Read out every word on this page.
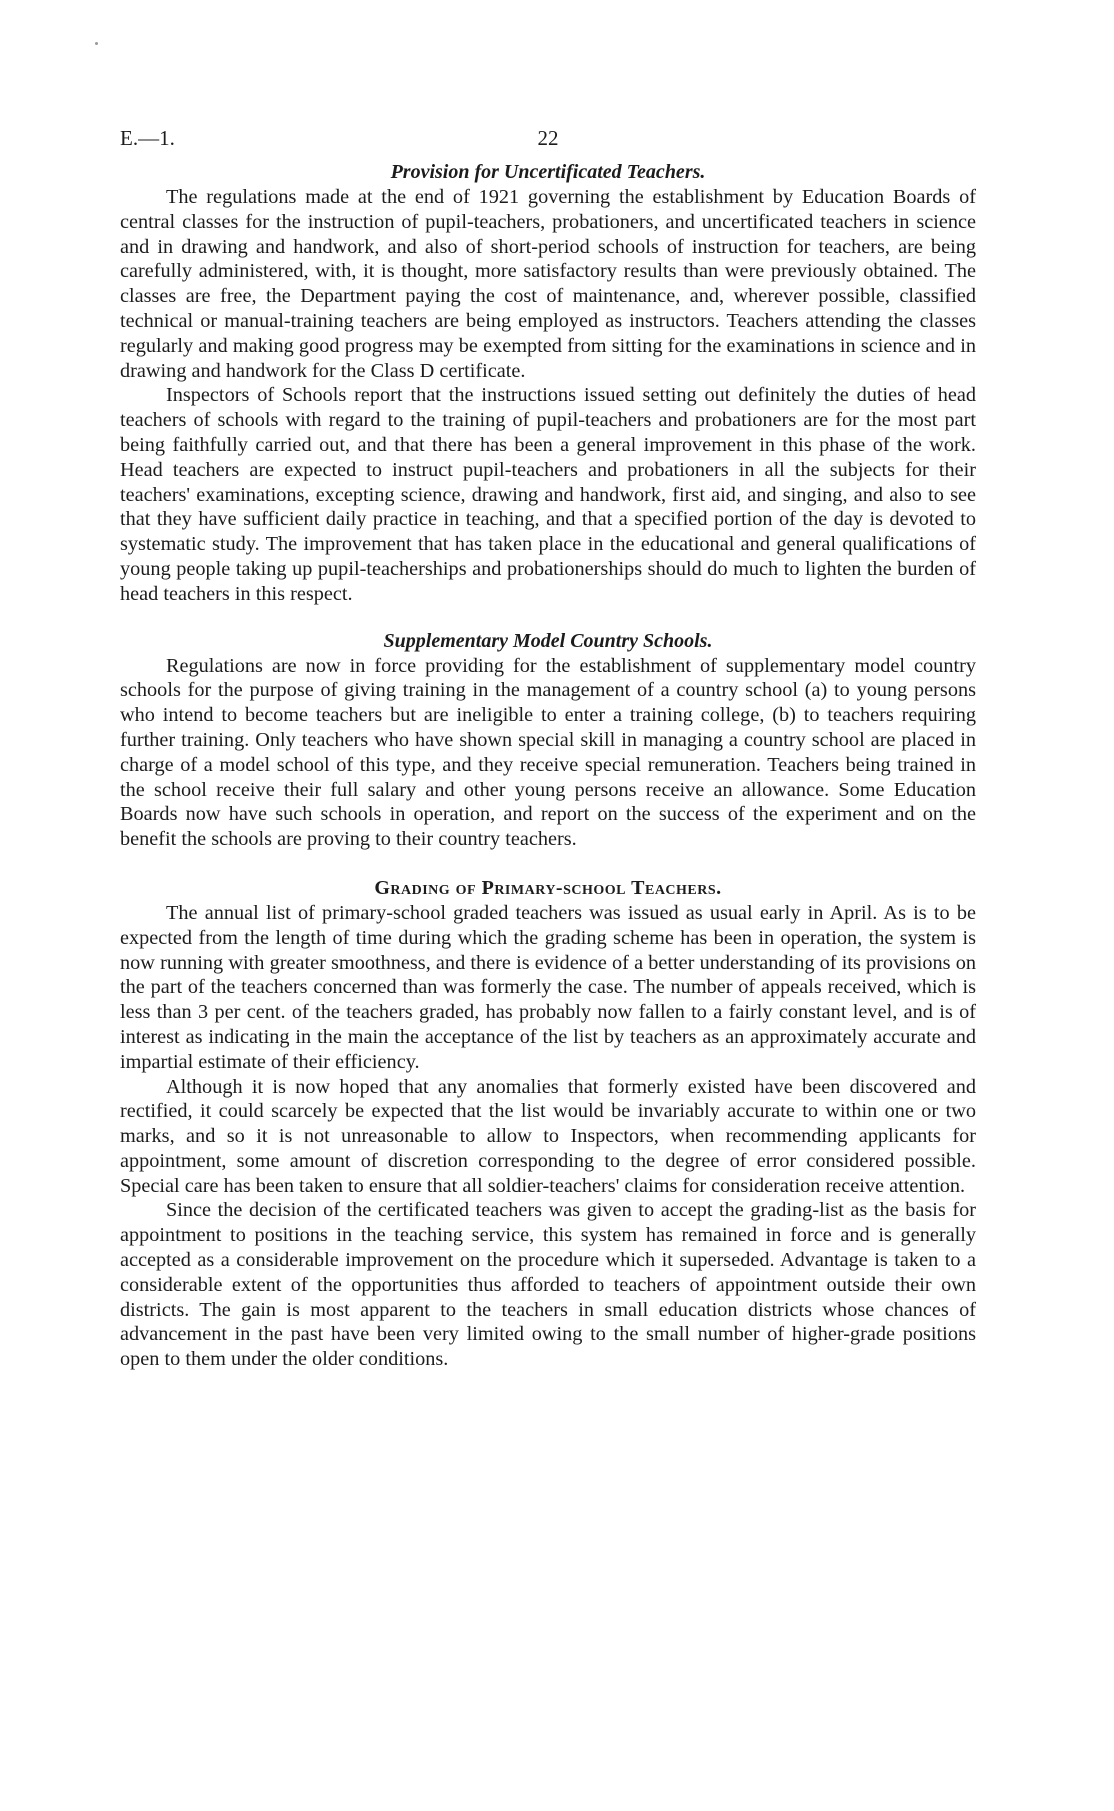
E.—1.	22
Provision for Uncertificated Teachers.

The regulations made at the end of 1921 governing the establishment by Education Boards of central classes for the instruction of pupil-teachers, probationers, and uncertificated teachers in science and in drawing and handwork, and also of short-period schools of instruction for teachers, are being carefully administered, with, it is thought, more satisfactory results than were previously obtained. The classes are free, the Department paying the cost of maintenance, and, wherever possible, classified technical or manual-training teachers are being employed as instructors. Teachers attending the classes regularly and making good progress may be exempted from sitting for the examinations in science and in drawing and handwork for the Class D certificate.

Inspectors of Schools report that the instructions issued setting out definitely the duties of head teachers of schools with regard to the training of pupil-teachers and probationers are for the most part being faithfully carried out, and that there has been a general improvement in this phase of the work. Head teachers are expected to instruct pupil-teachers and probationers in all the subjects for their teachers' examinations, excepting science, drawing and handwork, first aid, and singing, and also to see that they have sufficient daily practice in teaching, and that a specified portion of the day is devoted to systematic study. The improvement that has taken place in the educational and general qualifications of young people taking up pupil-teacherships and probationerships should do much to lighten the burden of head teachers in this respect.

Supplementary Model Country Schools.

Regulations are now in force providing for the establishment of supplementary model country schools for the purpose of giving training in the management of a country school (a) to young persons who intend to become teachers but are ineligible to enter a training college, (b) to teachers requiring further training. Only teachers who have shown special skill in managing a country school are placed in charge of a model school of this type, and they receive special remuneration. Teachers being trained in the school receive their full salary and other young persons receive an allowance. Some Education Boards now have such schools in operation, and report on the success of the experiment and on the benefit the schools are proving to their country teachers.

Grading of Primary-school Teachers.

The annual list of primary-school graded teachers was issued as usual early in April. As is to be expected from the length of time during which the grading scheme has been in operation, the system is now running with greater smoothness, and there is evidence of a better understanding of its provisions on the part of the teachers concerned than was formerly the case. The number of appeals received, which is less than 3 per cent. of the teachers graded, has probably now fallen to a fairly constant level, and is of interest as indicating in the main the acceptance of the list by teachers as an approximately accurate and impartial estimate of their efficiency.

Although it is now hoped that any anomalies that formerly existed have been discovered and rectified, it could scarcely be expected that the list would be invariably accurate to within one or two marks, and so it is not unreasonable to allow to Inspectors, when recommending applicants for appointment, some amount of discretion corresponding to the degree of error considered possible. Special care has been taken to ensure that all soldier-teachers' claims for consideration receive attention.

Since the decision of the certificated teachers was given to accept the grading-list as the basis for appointment to positions in the teaching service, this system has remained in force and is generally accepted as a considerable improvement on the procedure which it superseded. Advantage is taken to a considerable extent of the opportunities thus afforded to teachers of appointment outside their own districts. The gain is most apparent to the teachers in small education districts whose chances of advancement in the past have been very limited owing to the small number of higher-grade positions open to them under the older conditions.
